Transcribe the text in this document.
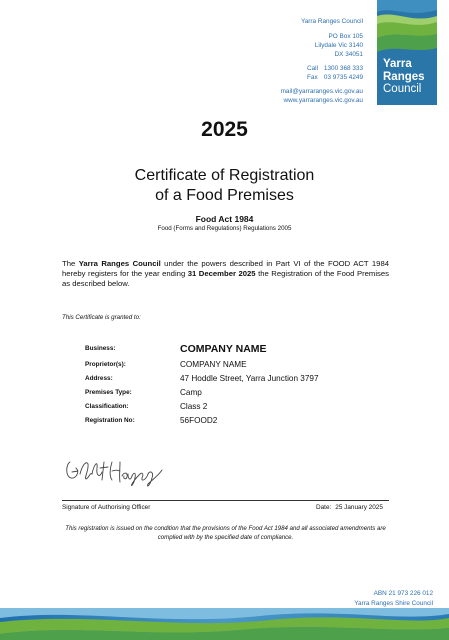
Yarra Ranges Council
PO Box 105
Lilydale Vic 3140
DX 34051
Call 1300 368 333
Fax 03 9735 4249
mail@yarraranges.vic.gov.au
www.yarraranges.vic.gov.au
Yarra
Ranges
Council
2025
Certificate of Registration
of a Food Premises
Food Act 1984
Food (Forms and Regulations) Regulations 2005
The Yarra Ranges Council under the powers described in Part VI of the FOOD ACT 1984 hereby registers for the year ending 31 December 2025 the Registration of the Food Premises as described below.
This Certificate is granted to:
Business:	COMPANY NAME
Proprietor(s):	COMPANY NAME
Address:	47 Hoddle Street, Yarra Junction 3797
Premises Type:	Camp
Classification:	Class 2
Registration No:	56FOOD2
Signature of Authorising Officer	Date: 25 January 2025
This registration is issued on the condition that the provisions of the Food Act 1984 and all associated amendments are complied with by the specified date of compliance.
ABN 21 973 226 012
Yarra Ranges Shire Council
